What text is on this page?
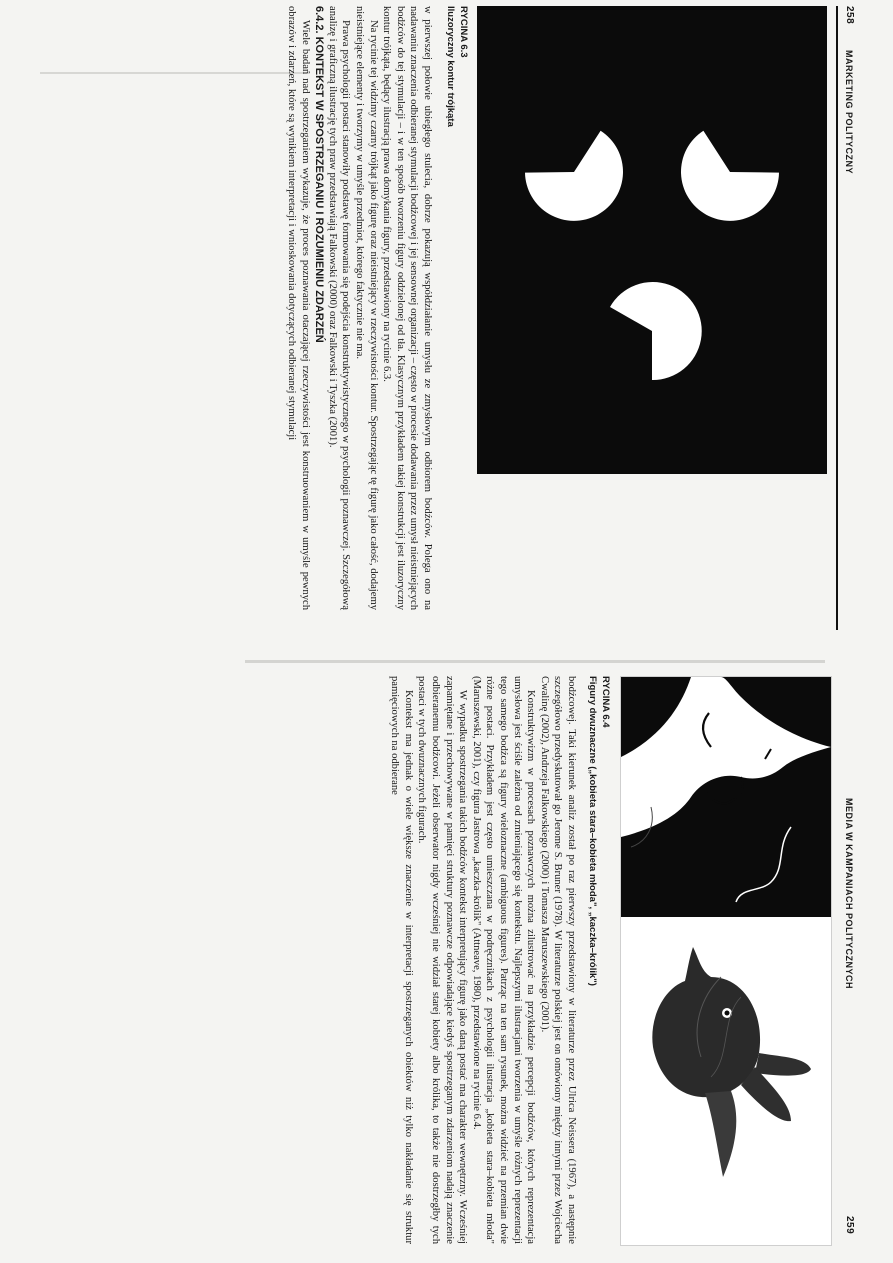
258
MARKETING POLITYCZNY
RYCINA 6.3
Iluzoryczny kontur trójkąta

w pierwszej połowie ubiegłego stulecia, dobrze pokazują współdziałanie umysłu ze zmysłowym odbiorem bodźców. Polega ono na nadawaniu znaczenia odbieranej stymulacji bodźcowej i jej sensownej organizacji – często w procesie dodawania przez umysł nieistniejących bodźców do tej stymulacji – i w ten sposób tworzeniu figury oddzielonej od tła. Klasycznym przykładem takiej konstrukcji jest iluzoryczny kontur trójkąta, będący ilustracją prawa domykania figury, przedstawiony na rycinie 6.3.

Na rycinie tej widzimy czarny trójkąt jako figurę oraz nieistniejący w rzeczywistości kontur. Spostrzegając tę figurę jako całość, dodajemy nieistniejące elementy i tworzymy w umyśle przedmiot, którego faktycznie nie ma.

Prawa psychologii postaci stanowiły podstawę formowania się podejścia konstruktywistycznego w psychologii poznawczej. Szczegółową analizę i graficzną ilustrację tych praw przedstawiają Falkowski (2000) oraz Falkowski i Tyszka (2001).

6.4.2. KONTEKST W SPOSTRZEGANIU I ROZUMIENIU ZDARZEŃ

Wiele badań nad spostrzeganiem wykazuje, że proces poznawania otaczającej rzeczywistości jest konstruowaniem w umyśle pewnych obrazów i zdarzeń, które są wynikiem interpretacji i wnioskowania dotyczących odbieranej stymulacji

MEDIA W KAMPANIACH POLITYCZNYCH
259
RYCINA 6.4
Figury dwuznaczne („kobieta stara–kobieta młoda", „kaczka–królik")

bodźcowej. Taki kierunek analiz został po raz pierwszy przedstawiony w literaturze przez Ulrica Neissera (1967), a następnie szczegółowo przedyskutował go Jerome S. Bruner (1978). W literaturze polskiej jest on omówiony między innymi przez Wojciecha Cwalinę (2002), Andrzeja Falkowskiego (2000) i Tomasza Maruszewskiego (2001).

Konstruktywizm w procesach poznawczych można zilustrować na przykładzie percepcji bodźców, których reprezentacja umysłowa jest ściśle zależna od zmieniającego się kontekstu. Najlepszymi ilustracjami tworzenia w umyśle różnych reprezentacji tego samego bodźca są figury wieloznaczne (ambiguous figures). Patrząc na ten sam rysunek, można widzieć na przemian dwie różne postaci. Przykładem jest często umieszczana w podręcznikach z psychologii ilustracja „kobieta stara–kobieta młoda" (Maruszewski, 2001), czy figura Jastrowa „kaczka–królik" (Attneave, 1980), przedstawione na rycinie 6.4.

W wypadku spostrzegania takich bodźców kontekst interpretujący figurę jako daną postać ma charakter wewnętrzny. Wcześniej zapamiętane i przechowywane w pamięci struktury poznawcze odpowiadające kiedyś spostrzeganym zdarzeniom nadają znaczenie odbieranemu bodźcowi. Jeżeli obserwator nigdy wcześniej nie widział starej kobiety albo królika, to także nie dostrzegłby tych postaci w tych dwuznacznych figurach.

Kontekst ma jednak o wiele większe znaczenie w interpretacji spostrzeganych obiektów niż tylko nakładanie się struktur pamięciowych na odbierane
